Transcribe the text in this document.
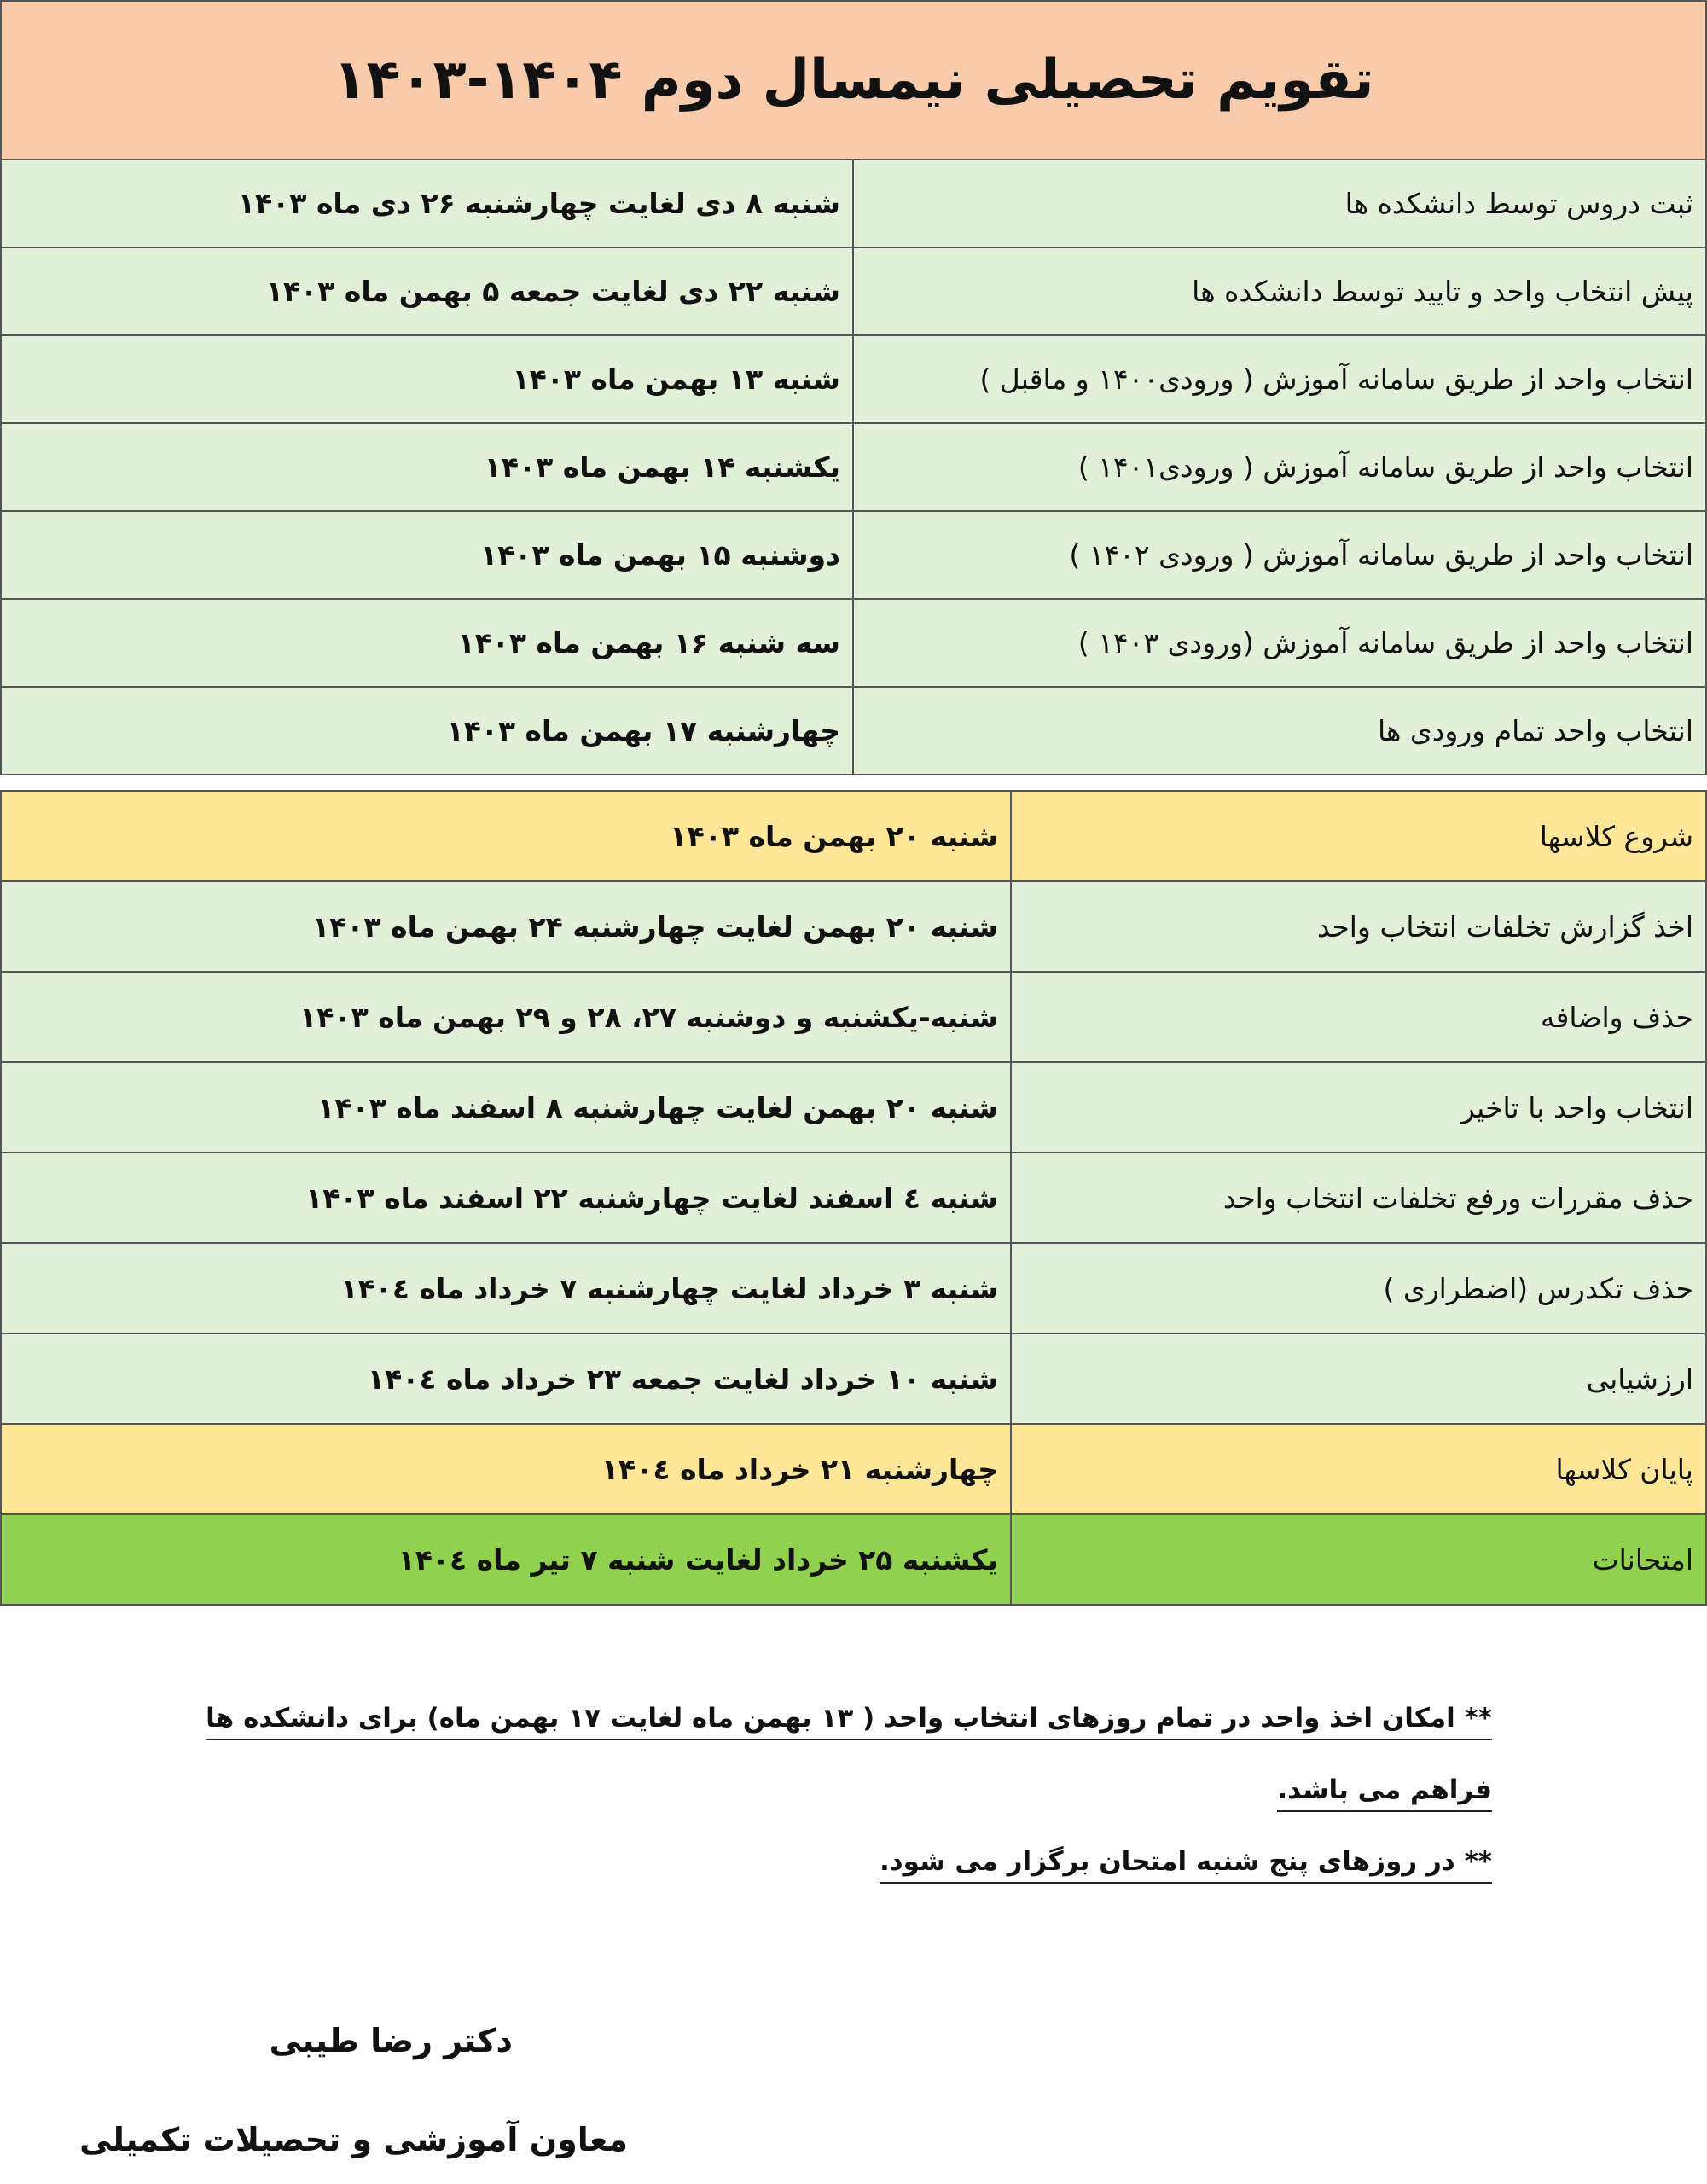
تقویم تحصیلی نیمسال دوم ۱۴۰۴-۱۴۰۳	
ثبت دروس توسط دانشکده ها	شنبه ۸ دی لغایت چهارشنبه ۲۶ دی ماه ۱۴۰۳
پیش انتخاب واحد و تایید توسط دانشکده ها	شنبه ۲۲ دی لغایت جمعه ۵ بهمن ماه ۱۴۰۳
انتخاب واحد از طریق سامانه آموزش ( ورودی۱۴۰۰ و ماقبل )	شنبه ۱۳ بهمن ماه ۱۴۰۳
انتخاب واحد از طریق سامانه آموزش ( ورودی۱۴۰۱ )	یکشنبه ۱۴ بهمن ماه ۱۴۰۳
انتخاب واحد از طریق سامانه آموزش ( ورودی ۱۴۰۲ )	دوشنبه ۱۵ بهمن ماه ۱۴۰۳
انتخاب واحد از طریق سامانه آموزش (ورودی ۱۴۰۳ )	سه شنبه ۱۶ بهمن ماه ۱۴۰۳
انتخاب واحد تمام ورودی ها	چهارشنبه ۱۷ بهمن ماه ۱۴۰۳
شروع کلاسها	شنبه ۲۰ بهمن ماه ۱۴۰۳
اخذ گزارش تخلفات انتخاب واحد	شنبه ۲۰ بهمن لغایت چهارشنبه ۲۴ بهمن ماه ۱۴۰۳
حذف واضافه	شنبه-یکشنبه و دوشنبه ۲۷، ۲۸ و ۲۹ بهمن ماه ۱۴۰۳
انتخاب واحد با تاخیر	شنبه ۲۰ بهمن لغایت چهارشنبه ۸ اسفند ماه ۱۴۰۳
حذف مقررات ورفع تخلفات انتخاب واحد	شنبه ٤ اسفند لغایت چهارشنبه ۲۲ اسفند ماه ۱۴۰۳
حذف تکدرس (اضطراری )	شنبه ۳ خرداد لغایت چهارشنبه ۷ خرداد ماه ۱۴۰٤
ارزشیابی	شنبه ۱۰ خرداد لغایت جمعه ۲۳ خرداد ماه ۱۴۰٤
پایان کلاسها	چهارشنبه ۲۱ خرداد ماه ۱۴۰٤
امتحانات	یکشنبه ۲۵ خرداد لغایت شنبه ۷ تیر ماه ۱۴۰٤
** امکان اخذ واحد در تمام روزهای انتخاب واحد ( ۱۳ بهمن ماه لغایت ۱۷ بهمن ماه) برای دانشکده ها
فراهم می باشد.
** در روزهای پنج شنبه امتحان برگزار می شود.
دکتر رضا طیبی
معاون آموزشی و تحصیلات تکمیلی
